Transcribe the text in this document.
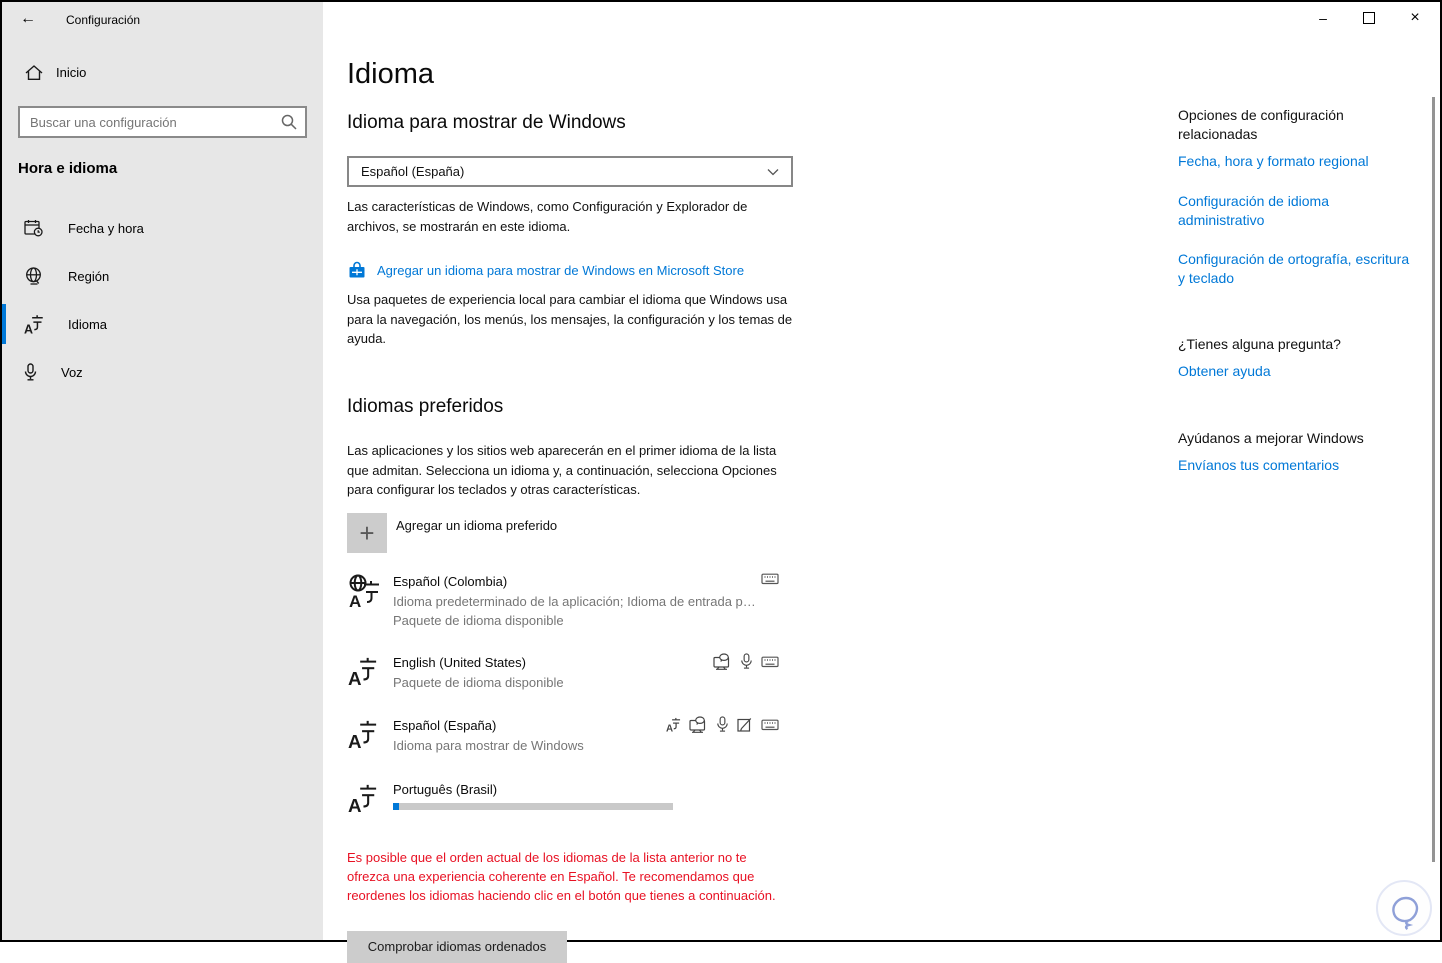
←	Configuración	–	×
Inicio
Buscar una configuración
Hora e idioma
Fecha y hora
Región
A	Idioma
Voz
Idioma
Idioma para mostrar de Windows
Español (España)
Las características de Windows, como Configuración y Explorador de archivos, se mostrarán en este idioma.
Agregar un idioma para mostrar de Windows en Microsoft Store
Usa paquetes de experiencia local para cambiar el idioma que Windows usa para la navegación, los menús, los mensajes, la configuración y los temas de ayuda.
Idiomas preferidos
Las aplicaciones y los sitios web aparecerán en el primer idioma de la lista que admitan. Selecciona un idioma y, a continuación, selecciona Opciones para configurar los teclados y otras características.
+ Agregar un idioma preferido
A
Español (Colombia)
Idioma predeterminado de la aplicación; Idioma de entrada p…
Paquete de idioma disponible
A
English (United States)
Paquete de idioma disponible
A
Español (España)
Idioma para mostrar de Windows
A
A
Português (Brasil)
Es posible que el orden actual de los idiomas de la lista anterior no te ofrezca una experiencia coherente en Español. Te recomendamos que reordenes los idiomas haciendo clic en el botón que tienes a continuación.
Comprobar idiomas ordenados
Opciones de configuración relacionadas
Fecha, hora y formato regional
Configuración de idioma administrativo
Configuración de ortografía, escritura y teclado
¿Tienes alguna pregunta?
Obtener ayuda
Ayúdanos a mejorar Windows
Envíanos tus comentarios
